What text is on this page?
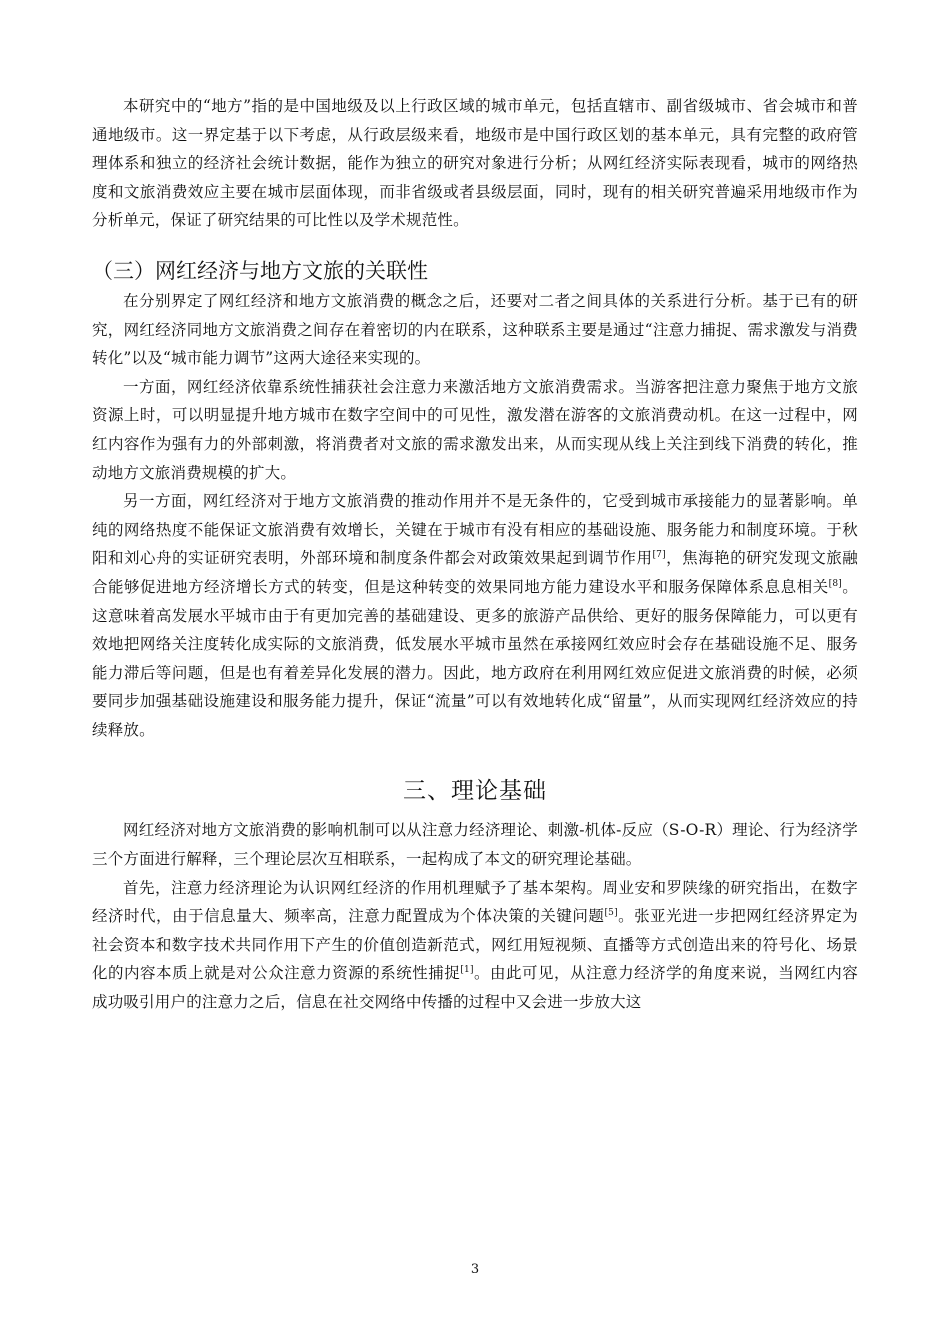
本研究中的“地方”指的是中国地级及以上行政区域的城市单元，包括直辖市、副省级城市、省会城市和普通地级市。这一界定基于以下考虑，从行政层级来看，地级市是中国行政区划的基本单元，具有完整的政府管理体系和独立的经济社会统计数据，能作为独立的研究对象进行分析；从网红经济实际表现看，城市的网络热度和文旅消费效应主要在城市层面体现，而非省级或者县级层面，同时，现有的相关研究普遍采用地级市作为分析单元，保证了研究结果的可比性以及学术规范性。

（三）网红经济与地方文旅的关联性

在分别界定了网红经济和地方文旅消费的概念之后，还要对二者之间具体的关系进行分析。基于已有的研究，网红经济同地方文旅消费之间存在着密切的内在联系，这种联系主要是通过“注意力捕捉、需求激发与消费转化”以及“城市能力调节”这两大途径来实现的。

一方面，网红经济依靠系统性捕获社会注意力来激活地方文旅消费需求。当游客把注意力聚焦于地方文旅资源上时，可以明显提升地方城市在数字空间中的可见性，激发潜在游客的文旅消费动机。在这一过程中，网红内容作为强有力的外部刺激，将消费者对文旅的需求激发出来，从而实现从线上关注到线下消费的转化，推动地方文旅消费规模的扩大。

另一方面，网红经济对于地方文旅消费的推动作用并不是无条件的，它受到城市承接能力的显著影响。单纯的网络热度不能保证文旅消费有效增长，关键在于城市有没有相应的基础设施、服务能力和制度环境。于秋阳和刘心舟的实证研究表明，外部环境和制度条件都会对政策效果起到调节作用[7]，焦海艳的研究发现文旅融合能够促进地方经济增长方式的转变，但是这种转变的效果同地方能力建设水平和服务保障体系息息相关[8]。这意味着高发展水平城市由于有更加完善的基础建设、更多的旅游产品供给、更好的服务保障能力，可以更有效地把网络关注度转化成实际的文旅消费，低发展水平城市虽然在承接网红效应时会存在基础设施不足、服务能力滞后等问题，但是也有着差异化发展的潜力。因此，地方政府在利用网红效应促进文旅消费的时候，必须要同步加强基础设施建设和服务能力提升，保证“流量”可以有效地转化成“留量”，从而实现网红经济效应的持续释放。

三、理论基础

网红经济对地方文旅消费的影响机制可以从注意力经济理论、刺激-机体-反应（S-O-R）理论、行为经济学三个方面进行解释，三个理论层次互相联系，一起构成了本文的研究理论基础。

首先，注意力经济理论为认识网红经济的作用机理赋予了基本架构。周业安和罗陕缘的研究指出，在数字经济时代，由于信息量大、频率高，注意力配置成为个体决策的关键问题[5]。张亚光进一步把网红经济界定为社会资本和数字技术共同作用下产生的价值创造新范式，网红用短视频、直播等方式创造出来的符号化、场景化的内容本质上就是对公众注意力资源的系统性捕捉[1]。由此可见，从注意力经济学的角度来说，当网红内容成功吸引用户的注意力之后，信息在社交网络中传播的过程中又会进一步放大这

3
